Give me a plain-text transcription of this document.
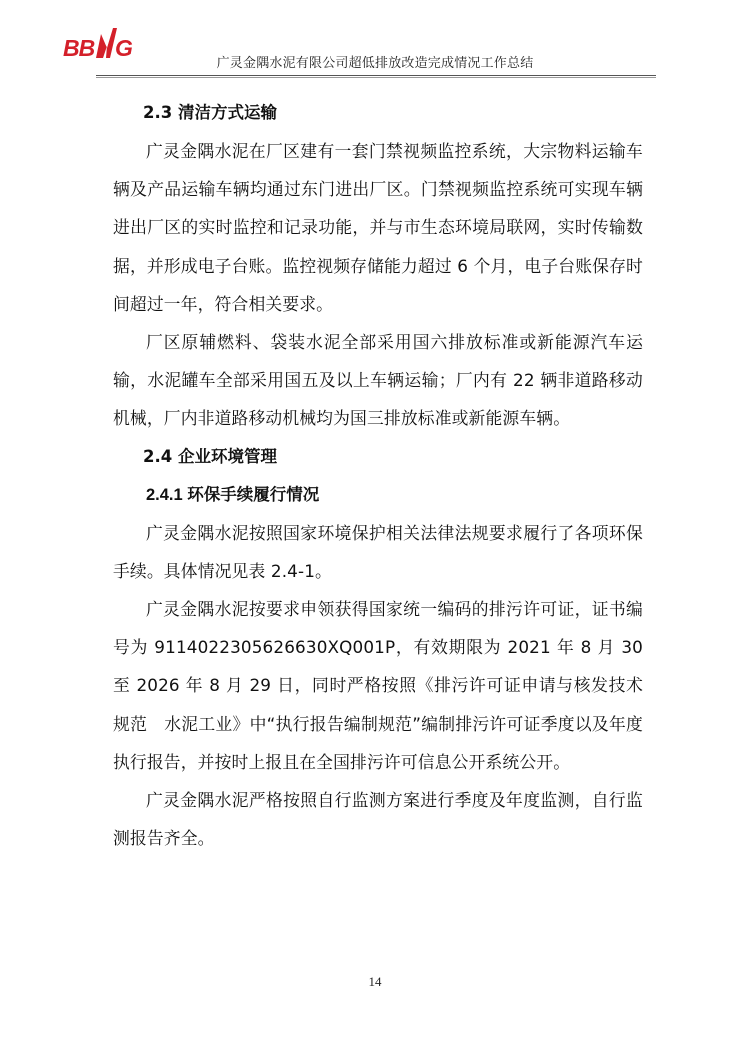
BB G
广灵金隅水泥有限公司超低排放改造完成情况工作总结

2.3 清洁方式运输

广灵金隅水泥在厂区建有一套门禁视频监控系统，大宗物料运输车辆及产品运输车辆均通过东门进出厂区。门禁视频监控系统可实现车辆进出厂区的实时监控和记录功能，并与市生态环境局联网，实时传输数据，并形成电子台账。监控视频存储能力超过 6 个月，电子台账保存时间超过一年，符合相关要求。

厂区原辅燃料、袋装水泥全部采用国六排放标准或新能源汽车运输，水泥罐车全部采用国五及以上车辆运输；厂内有 22 辆非道路移动机械，厂内非道路移动机械均为国三排放标准或新能源车辆。

2.4 企业环境管理

2.4.1 环保手续履行情况

广灵金隅水泥按照国家环境保护相关法律法规要求履行了各项环保手续。具体情况见表 2.4-1。

广灵金隅水泥按要求申领获得国家统一编码的排污许可证，证书编号为 9114022305626630XQ001P，有效期限为 2021 年 8 月 30 至 2026 年 8 月 29 日，同时严格按照《排污许可证申请与核发技术规范　水泥工业》中“执行报告编制规范”编制排污许可证季度以及年度执行报告，并按时上报且在全国排污许可信息公开系统公开。

广灵金隅水泥严格按照自行监测方案进行季度及年度监测，自行监测报告齐全。

14
